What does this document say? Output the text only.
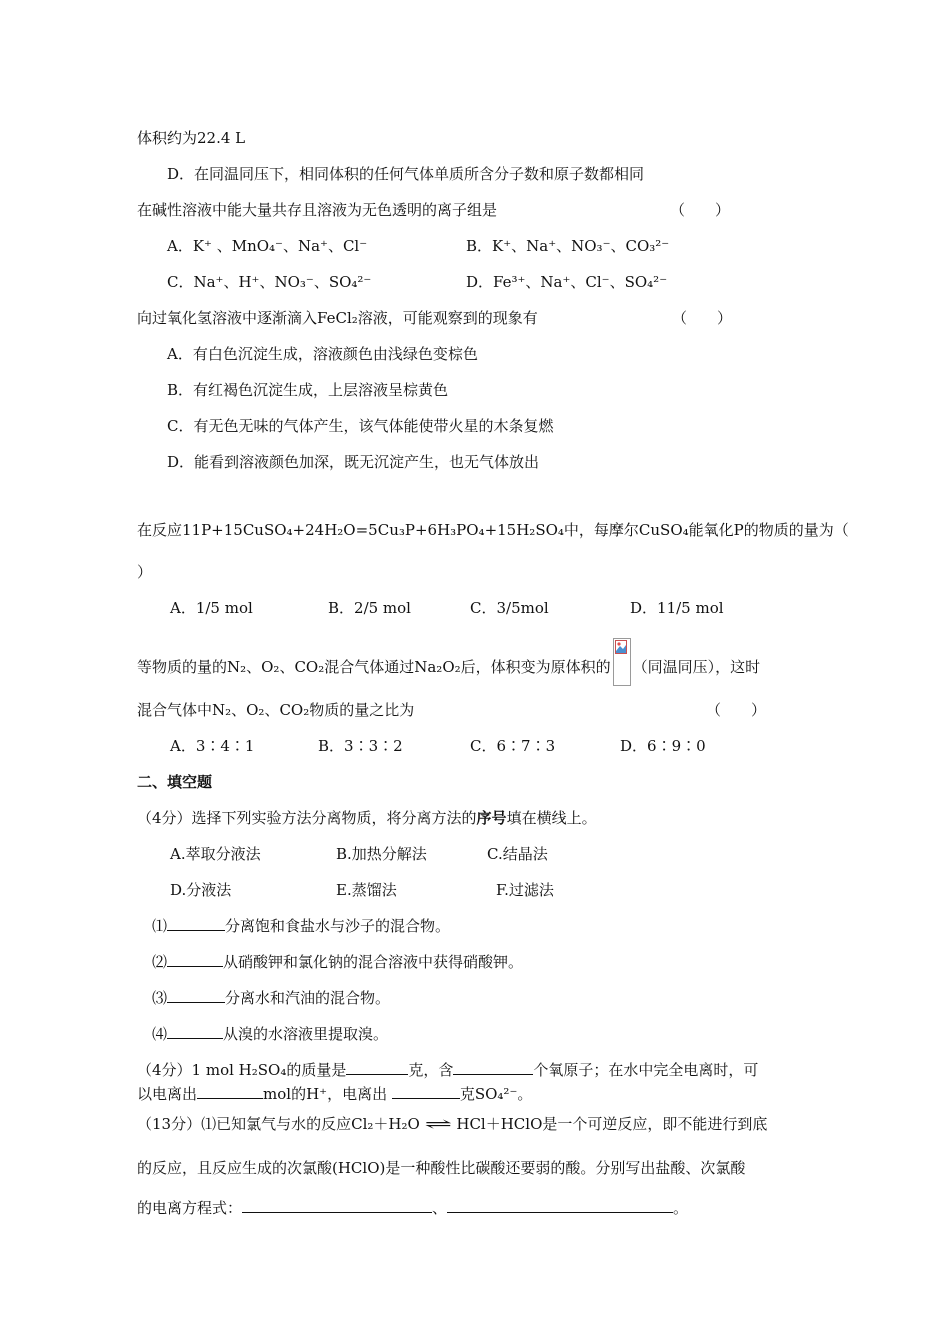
体积约为22.4 L
D．在同温同压下，相同体积的任何气体单质所含分子数和原子数都相同
在碱性溶液中能大量共存且溶液为无色透明的离子组是	（　　）
A．K⁺ 、MnO₄⁻、Na⁺、Cl⁻	B．K⁺、Na⁺、NO₃⁻、CO₃²⁻
C．Na⁺、H⁺、NO₃⁻、SO₄²⁻	D．Fe³⁺、Na⁺、Cl⁻、SO₄²⁻
向过氧化氢溶液中逐渐滴入FeCl₂溶液，可能观察到的现象有	（　　）
A．有白色沉淀生成，溶液颜色由浅绿色变棕色
B．有红褐色沉淀生成，上层溶液呈棕黄色
C．有无色无味的气体产生，该气体能使带火星的木条复燃
D．能看到溶液颜色加深，既无沉淀产生，也无气体放出
在反应11P+15CuSO₄+24H₂O=5Cu₃P+6H₃PO₄+15H₂SO₄中，每摩尔CuSO₄能氧化P的物质的量为（
）
A．1/5 mol	B．2/5 mol	C．3/5mol	D．11/5 mol
等物质的量的N₂、O₂、CO₂混合气体通过Na₂O₂后，体积变为原体积的 （同温同压），这时
混合气体中N₂、O₂、CO₂物质的量之比为	（　　）
A．3∶4∶1	B．3∶3∶2	C．6∶7∶3	D．6∶9∶0
二、填空题
（4分）选择下列实验方法分离物质，将分离方法的序号填在横线上。
A.萃取分液法	B.加热分解法	C.结晶法
D.分液法	E.蒸馏法	F.过滤法
⑴	分离饱和食盐水与沙子的混合物。
⑵	从硝酸钾和氯化钠的混合溶液中获得硝酸钾。
⑶	分离水和汽油的混合物。
⑷	从溴的水溶液里提取溴。
（4分）1 mol H₂SO₄的质量是	克，含	个氧原子；在水中完全电离时，可
以电离出	mol的H⁺，电离出	克SO₄²⁻。
（13分）⑴已知氯气与水的反应Cl₂＋H₂O ⇌ HCl＋HClO是一个可逆反应，即不能进行到底
的反应，且反应生成的次氯酸(HClO)是一种酸性比碳酸还要弱的酸。分别写出盐酸、次氯酸
的电离方程式：	、	。
